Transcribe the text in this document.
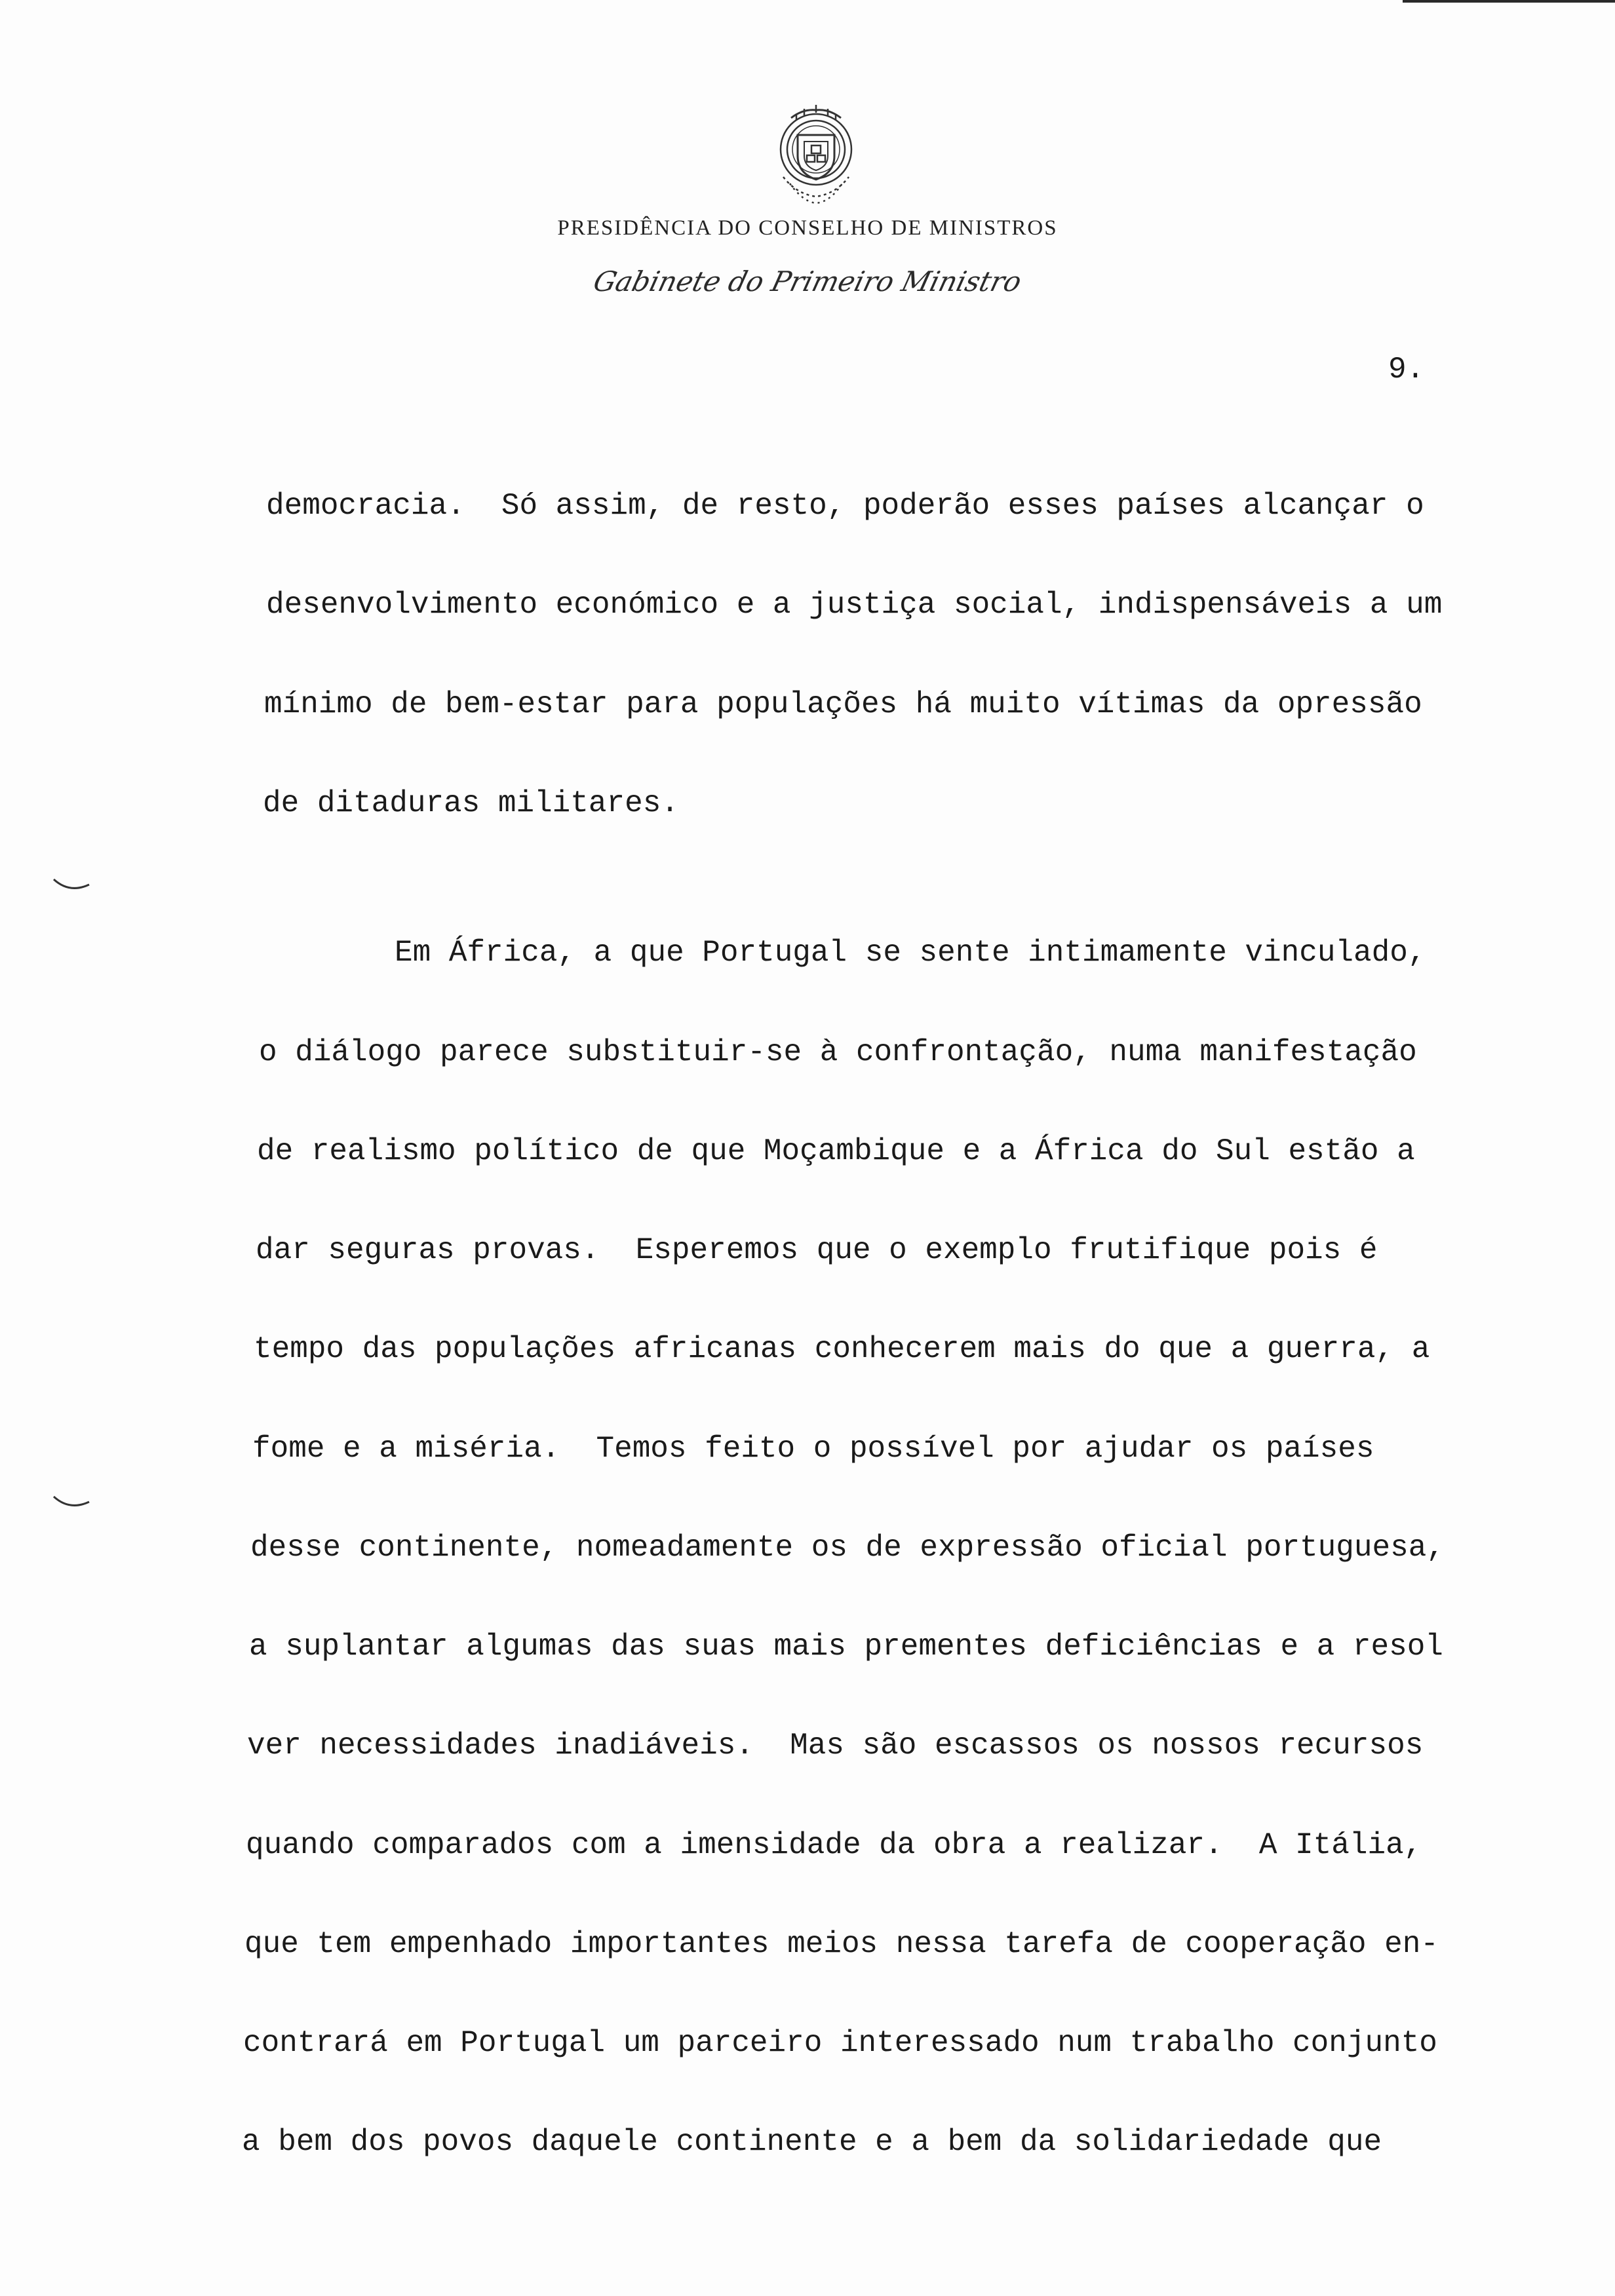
PRESIDÊNCIA DO CONSELHO DE MINISTROS
Gabinete do Primeiro Ministro
9.
democracia.  Só assim, de resto, poderão esses países alcançar o
desenvolvimento económico e a justiça social, indispensáveis a um
mínimo de bem-estar para populações há muito vítimas da opressão
de ditaduras militares.
Em África, a que Portugal se sente intimamente vinculado,
o diálogo parece substituir-se à confrontação, numa manifestação
de realismo político de que Moçambique e a África do Sul estão a
dar seguras provas.  Esperemos que o exemplo frutifique pois é
tempo das populações africanas conhecerem mais do que a guerra, a
fome e a miséria.  Temos feito o possível por ajudar os países
desse continente, nomeadamente os de expressão oficial portuguesa,
a suplantar algumas das suas mais prementes deficiências e a resol
ver necessidades inadiáveis.  Mas são escassos os nossos recursos
quando comparados com a imensidade da obra a realizar.  A Itália,
que tem empenhado importantes meios nessa tarefa de cooperação en-
contrará em Portugal um parceiro interessado num trabalho conjunto
a bem dos povos daquele continente e a bem da solidariedade que
